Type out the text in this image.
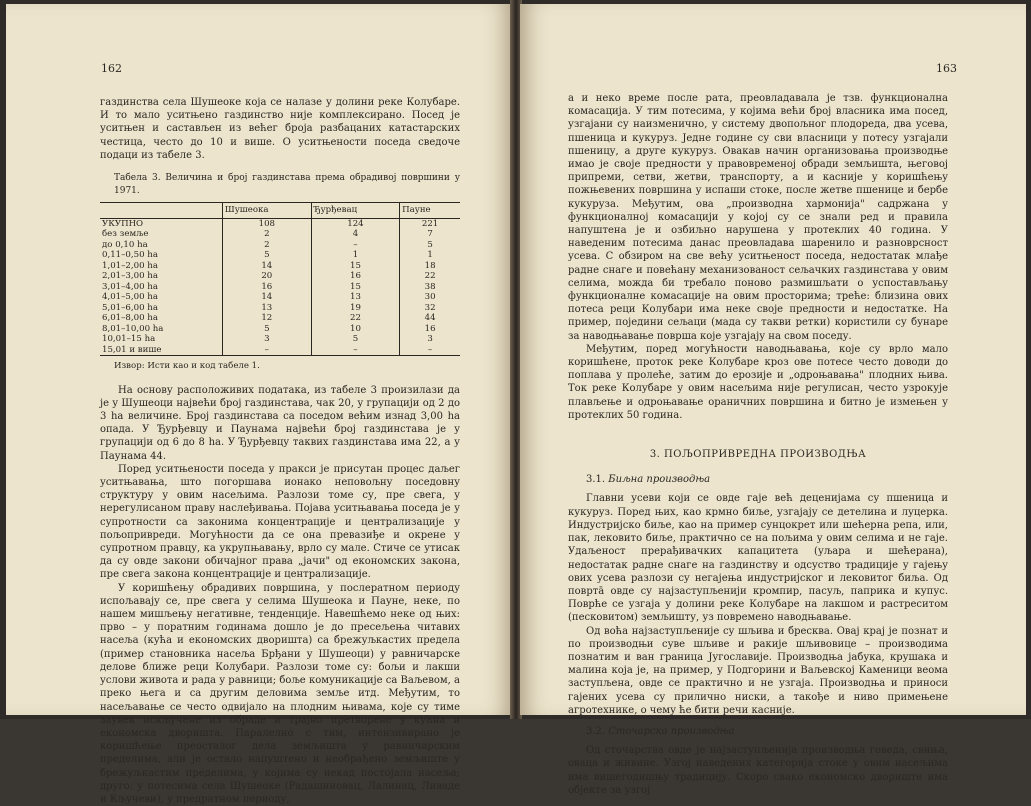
162

газдинства села Шушеоке која се налазе у долини реке Колубаре. И то мало уситњено газдинство није комплексирано. Посед је уситњен и састављен из већег броја разбацаних катастарских честица, често до 10 и више. О уситњености поседа сведоче подаци из табеле 3.

Табела 3. Величина и број газдинстава према обрадивој површини у 1971.
	Шушеока	Ђурђевац	Пауне
УКУПНО	108	124	221
без земље	2	4	7
до 0,10 ha	2	–	5
0,11–0,50 ha	5	1	1
1,01–2,00 ha	14	15	18
2,01–3,00 ha	20	16	22
3,01–4,00 ha	16	15	38
4,01–5,00 ha	14	13	30
5,01–6,00 ha	13	19	32
6,01–8,00 ha	12	22	44
8,01–10,00 ha	5	10	16
10,01–15 ha	3	5	3
15,01 и више	–	–	–
Извор: Исти као и код табеле 1.

На основу расположивих података, из табеле 3 произилази да је у Шушеоци највећи број газдинстава, чак 20, у групацији од 2 до 3 ha величине. Број газдинстава са поседом већим изнад 3,00 ha опада. У Ђурђевцу и Паунама највећи број газдинстава је у групацији од 6 до 8 ha. У Ђурђевцу таквих газдинстава има 22, а у Паунама 44.

Поред уситњености поседа у пракси је присутан процес даљег уситњавања, што погоршава ионако неповољну поседовну структуру у овим насељима. Разлози томе су, пре свега, у нерегулисаном праву наслеђивања. Појава уситњавања поседа је у супротности са законима концентрације и централизације у пољопривреди. Могућности да се она превазиђе и окрене у супротном правцу, ка укрупњавању, врло су мале. Стиче се утисак да су овде закони обичајног права „јачи" од економских закона, пре свега закона концентрације и централизације.

У коришћењу обрадивих површина, у послератном периоду испољавају се, пре свега у селима Шушеока и Пауне, неке, по нашем мишљењу негативне, тенденције. Навешћемо неке од њих: прво – у поратним годинама дошло је до пресељења читавих насеља (кућа и економских дворишта) са брежуљкастих предела (пример становника насеља Брђани у Шушеоци) у равничарске делове ближе реци Колубари. Разлози томе су: бољи и лакши услови живота и рада у равници; боље комуникације са Ваљевом, а преко њега и са другим деловима земље итд. Међутим, то насељавање се често одвијало на плодним њивама, које су тиме заувек искључене из обраде и трајно претворене у кућна и економска дворишта. Паралелно с тим, интензивирано је коришћење преосталог дела земљишта у равничарским пределима, али је остало напуштено и необрађено земљиште у брежуљкастим пределима, у којима су некад постојала насеља; друго: у потесима села Шушеоке (Радашиновац, Лалинац, Ливаде и Кључеви), у предратном периоду,

163

а и неко време после рата, преовладавала је тзв. функционална комасација. У тим потесима, у којима већи број власника има посед, узгајани су наизменично, у систему двопољног плодореда, два усева, пшеница и кукуруз. Једне године су сви власници у потесу узгајали пшеницу, а друге кукуруз. Овакав начин организовања производње имао је своје предности у правовременој обради земљишта, његовој припреми, сетви, жетви, транспорту, а и касније у коришћењу пожњевених површина у испаши стоке, после жетве пшенице и бербе кукуруза. Међутим, ова „производна хармонија" садржана у функционалној комасацији у којој су се знали ред и правила напуштена је и озбиљно нарушена у протеклих 40 година. У наведеним потесима данас преовладава шаренило и разноврсност усева. С обзиром на све већу уситњеност поседа, недостатак млађе радне снаге и повећану механизованост сељачких газдинстава у овим селима, можда би требало поново размишљати о успостављању функционалне комасације на овим просторима; треће: близина ових потеса реци Колубари има неке своје предности и недостатке. На пример, поједини сељаци (мада су такви ретки) користили су бунаре за наводњавање површа које узгајају на свом поседу.

Међутим, поред могућности наводњавања, које су врло мало коришћене, проток реке Колубаре кроз ове потесе често доводи до поплава у пролеће, затим до ерозије и „одроњавања" плодних њива. Ток реке Колубаре у овим насељима није регулисан, често узрокује плављење и одроњавање ораничних површина и битно је измењен у протеклих 50 година.

3. ПОЉОПРИВРЕДНА ПРОИЗВОДЊА
3.1. Биљна производња

Главни усеви који се овде гаје већ деценијама су пшеница и кукуруз. Поред њих, као крмно биље, узгајају се детелина и луцерка. Индустријско биље, као на пример сунцокрет или шећерна репа, или, пак, лековито биље, практично се на пољима у овим селима и не гаје. Удаљеност прерађивачких капацитета (уљара и шећерана), недостатак радне снаге на газдинству и одсуство традиције у гајењу ових усева разлози су негајења индустријског и лековитог биља. Од повртā овде су најзаступљенији кромпир, пасуљ, паприка и купус. Поврће се узгаја у долини реке Колубаре на лакшом и растреситом (песковитом) земљишту, уз повремено наводњавање.

Од воћа најзаступљеније су шљива и бресква. Овај крај је познат и по производњи суве шљиве и ракије шљивовице – производима познатим и ван граница Југославије. Производња јабука, крушака и малина која је, на пример, у Подгорини и Ваљевској Каменици веома заступљена, овде се практично и не узгаја. Производња и приноси гајених усева су прилично ниски, а такође и ниво примењене агротехнике, о чему ће бити речи касније.

3.2. Сточарска производња

Од сточарства овде је најзаступљенија производња говеда, свиња, оваца и живине. Узгој наведених категорија стоке у овим насељима има вишегодишњу традицију. Скоро свако економско двориште има објекте за узгој
